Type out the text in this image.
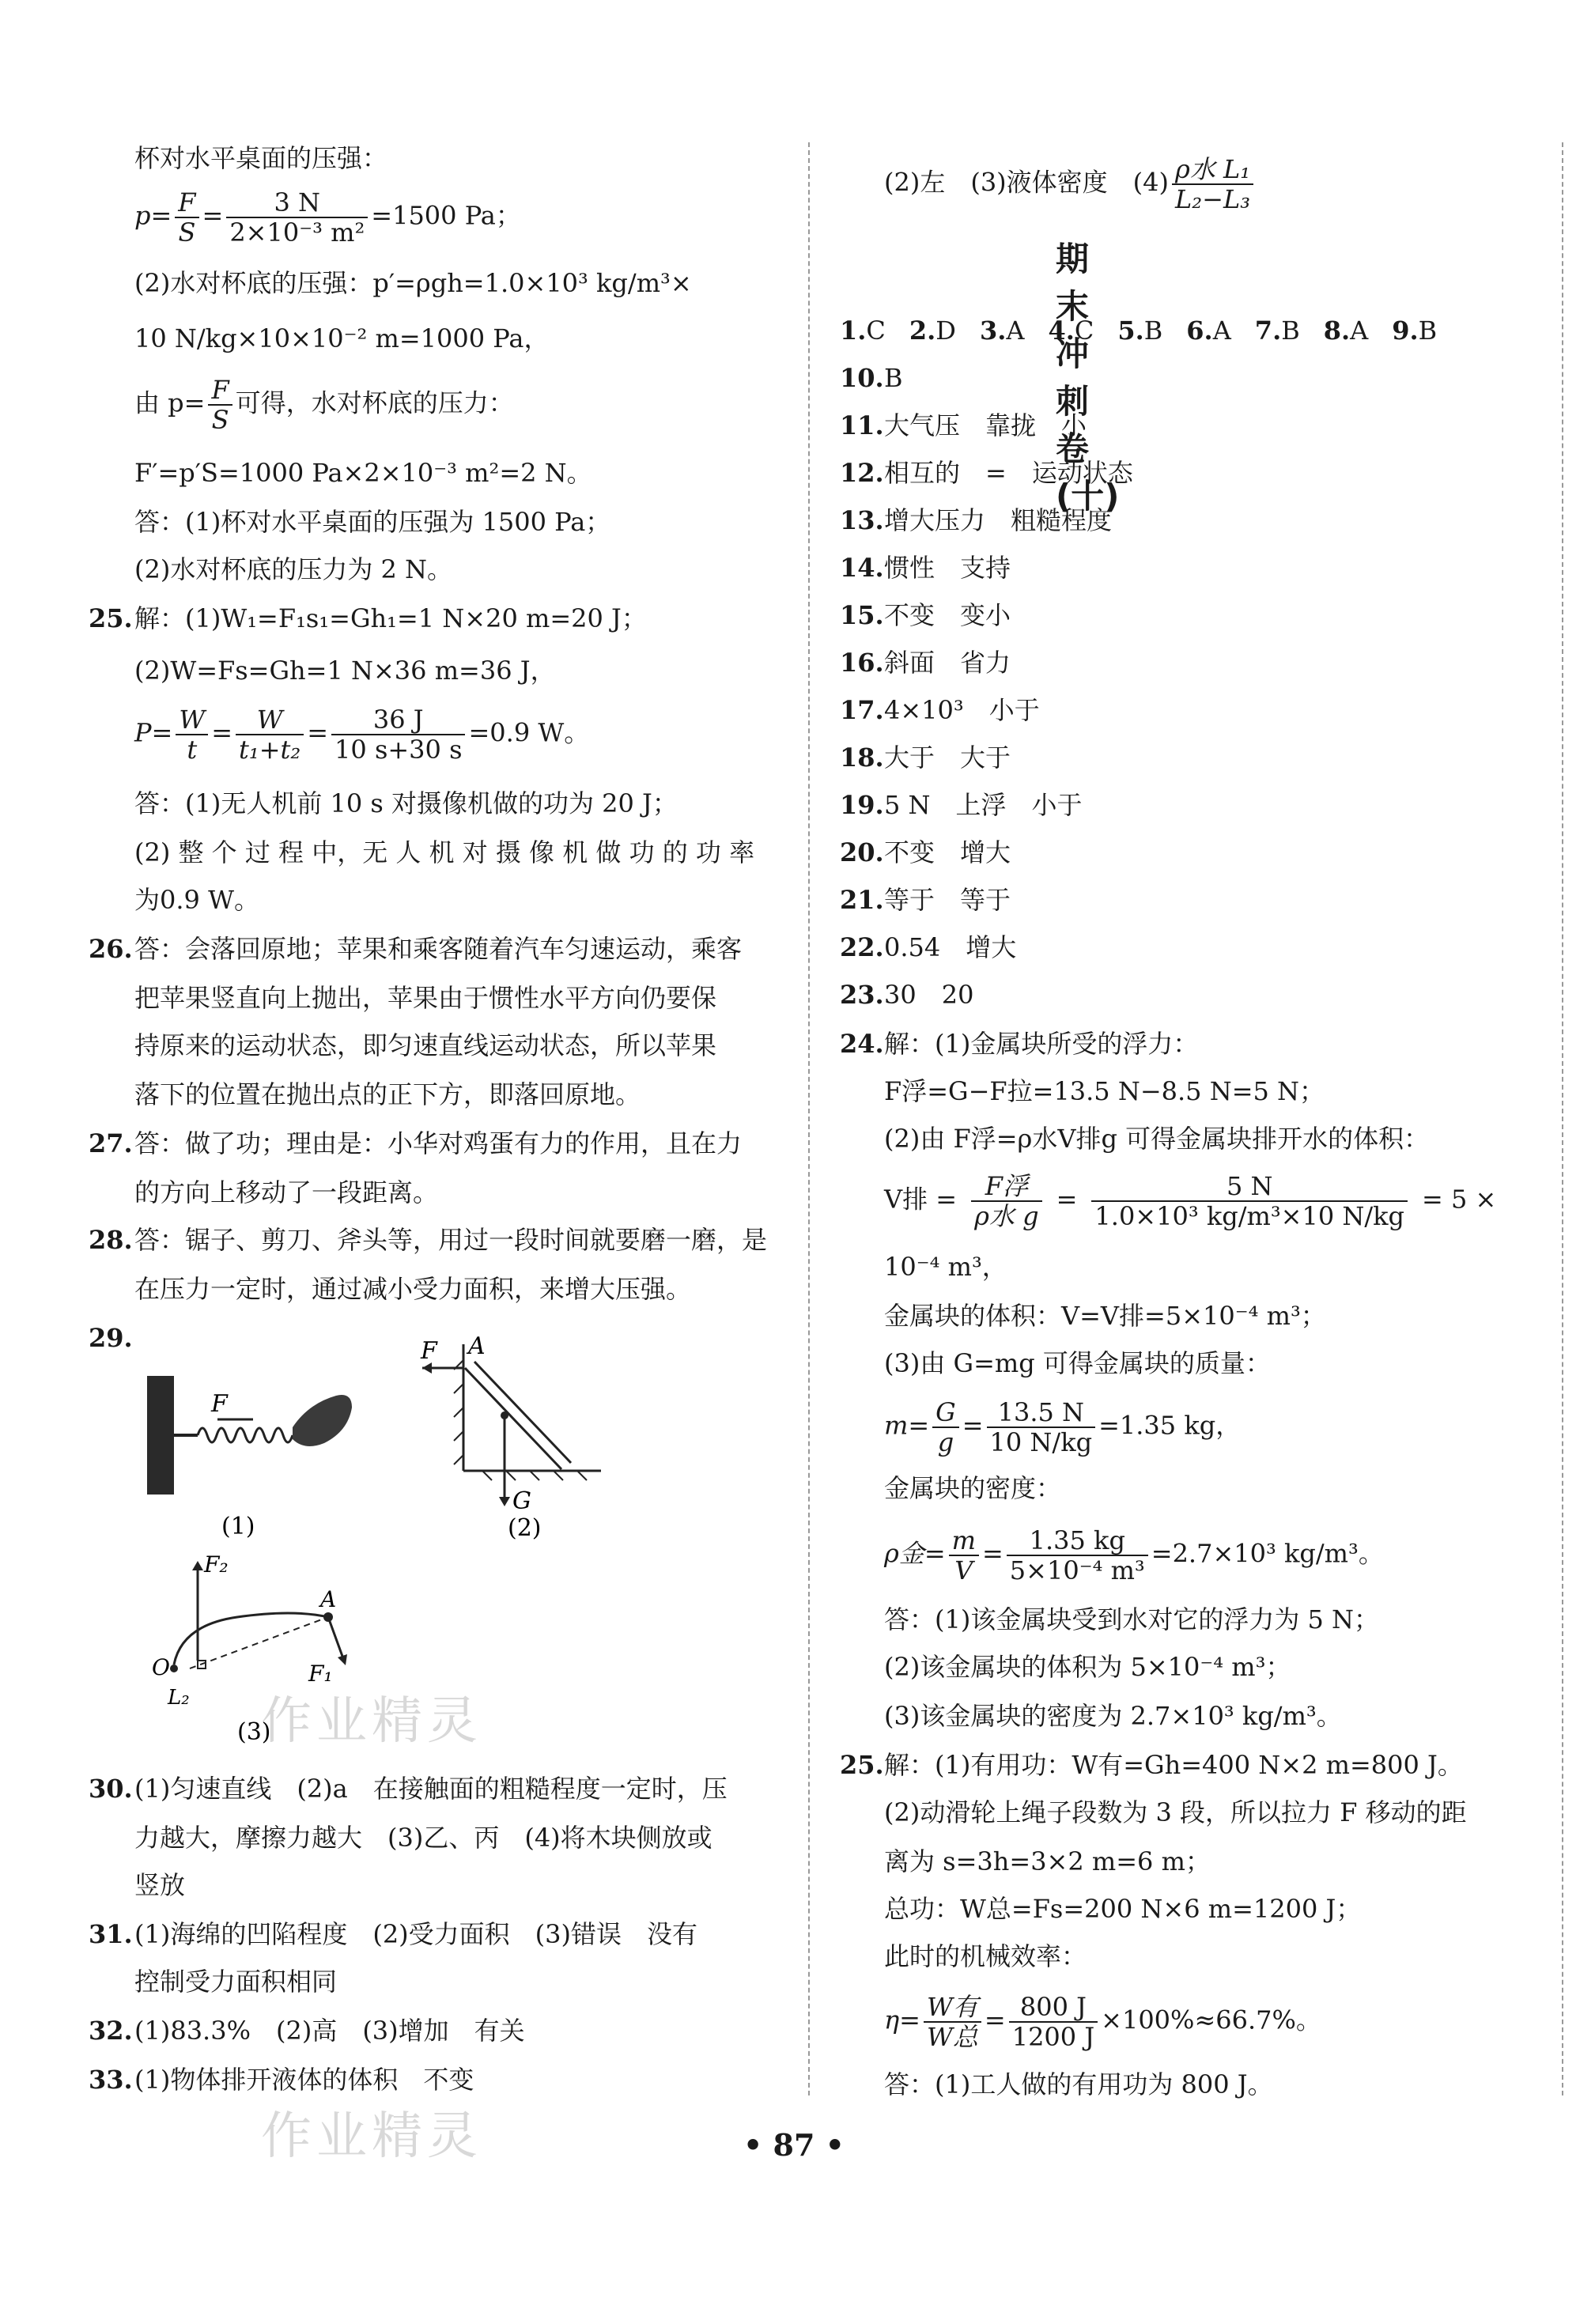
杯对水平桌面的压强：
$p= \frac{F}{S} = \frac{3 N}{\text{2×10⁻³ m²}} =1500$ Pa；
(2)水对杯底的压强：p′=ρgh=1.0×10³ kg/m³×
10 N/kg×10×10⁻² m=1000 Pa，
由 $p= \frac{F}{S}$ 可得，水对杯底的压力：
F′=p′S=1000 Pa×2×10⁻³ m²=2 N。
答：(1)杯对水平桌面的压强为 1500 Pa；
(2)水对杯底的压力为 2 N。
25. 解：(1)W₁=F₁s₁=Gh₁=1 N×20 m=20 J；
(2)W=Fs=Gh=1 N×36 m=36 J，
$P= \frac{W}{t} = \frac{W}{\text{t₁+t₂}} = \frac{36 J}{10 s+30 s} =0.9$ W。
答：(1)无人机前 10 s 对摄像机做的功为 20 J；
(2) 整 个 过 程 中，无 人 机 对 摄 像 机 做 功 的 功 率
为0.9 W。
26. 答：会落回原地；苹果和乘客随着汽车匀速运动，乘客
把苹果竖直向上抛出，苹果由于惯性水平方向仍要保
持原来的运动状态，即匀速直线运动状态，所以苹果
落下的位置在抛出点的正下方，即落回原地。
27. 答：做了功；理由是：小华对鸡蛋有力的作用，且在力
的方向上移动了一段距离。
28. 答：锯子、剪刀、斧头等，用过一段时间就要磨一磨，是
在压力一定时，通过减小受力面积，来增大压强。
29.
F
(1)
F A
G
(2)
F₂
A
O	F₁
L₂
(3)
30. (1)匀速直线　(2)a　在接触面的粗糙程度一定时，压
力越大，摩擦力越大　(3)乙、丙　(4)将木块侧放或
竖放
31. (1)海绵的凹陷程度　(2)受力面积　(3)错误　没有
控制受力面积相同
32. (1)83.3%　(2)高　(3)增加　有关
33. (1)物体排开液体的体积　不变
(2)左　(3)液体密度　$(4) \frac{\text{ρ水 L₁}}{\text{L₂−L₃}}$
期末冲刺卷(十)
1.C 2.D 3.A 4.C 5.B 6.A 7.B 8.A 9.B
10. B
11. 大气压　靠拢　小
12. 相互的　=　运动状态
13. 增大压力　粗糙程度
14. 惯性　支持
15. 不变　变小
16. 斜面　省力
17. 4×10³　小于
18. 大于　大于
19. 5 N　上浮　小于
20. 不变　增大
21. 等于　等于
22. 0.54　增大
23. 30　20
24. 解：(1)金属块所受的浮力：
F浮=G−F拉=13.5 N−8.5 N=5 N；
(2)由 F浮=ρ水V排g 可得金属块排开水的体积：
V排 = $\frac{\text{F浮}}{\text{ρ水 g}} = \frac{5 N}{\text{1.0×10³ kg/m³×10 N/kg}} = 5$ ×
10⁻⁴ m³，
金属块的体积：V=V排=5×10⁻⁴ m³；
(3)由 G=mg 可得金属块的质量：
$m= \frac{G}{g} = \frac{13.5 N}{10 N/kg} =1.35$ kg，
金属块的密度：
ρ金= $\frac{m}{V} = \frac{1.35 kg}{\text{5×10⁻⁴ m³}} =2.7\times 10^3$ kg/m³。
答：(1)该金属块受到水对它的浮力为 5 N；
(2)该金属块的体积为 5×10⁻⁴ m³；
(3)该金属块的密度为 2.7×10³ kg/m³。
25. 解：(1)有用功：W有=Gh=400 N×2 m=800 J。
(2)动滑轮上绳子段数为 3 段，所以拉力 F 移动的距
离为 s=3h=3×2 m=6 m；
总功：W总=Fs=200 N×6 m=1200 J；
此时的机械效率：
$\eta= \frac{\text{W有}}{\text{W总}} = \frac{800 J}{1200 J} \times 100\%\approx 66.7\%$。
答：(1)工人做的有用功为 800 J。
作业精灵
作业精灵	• 87 •
